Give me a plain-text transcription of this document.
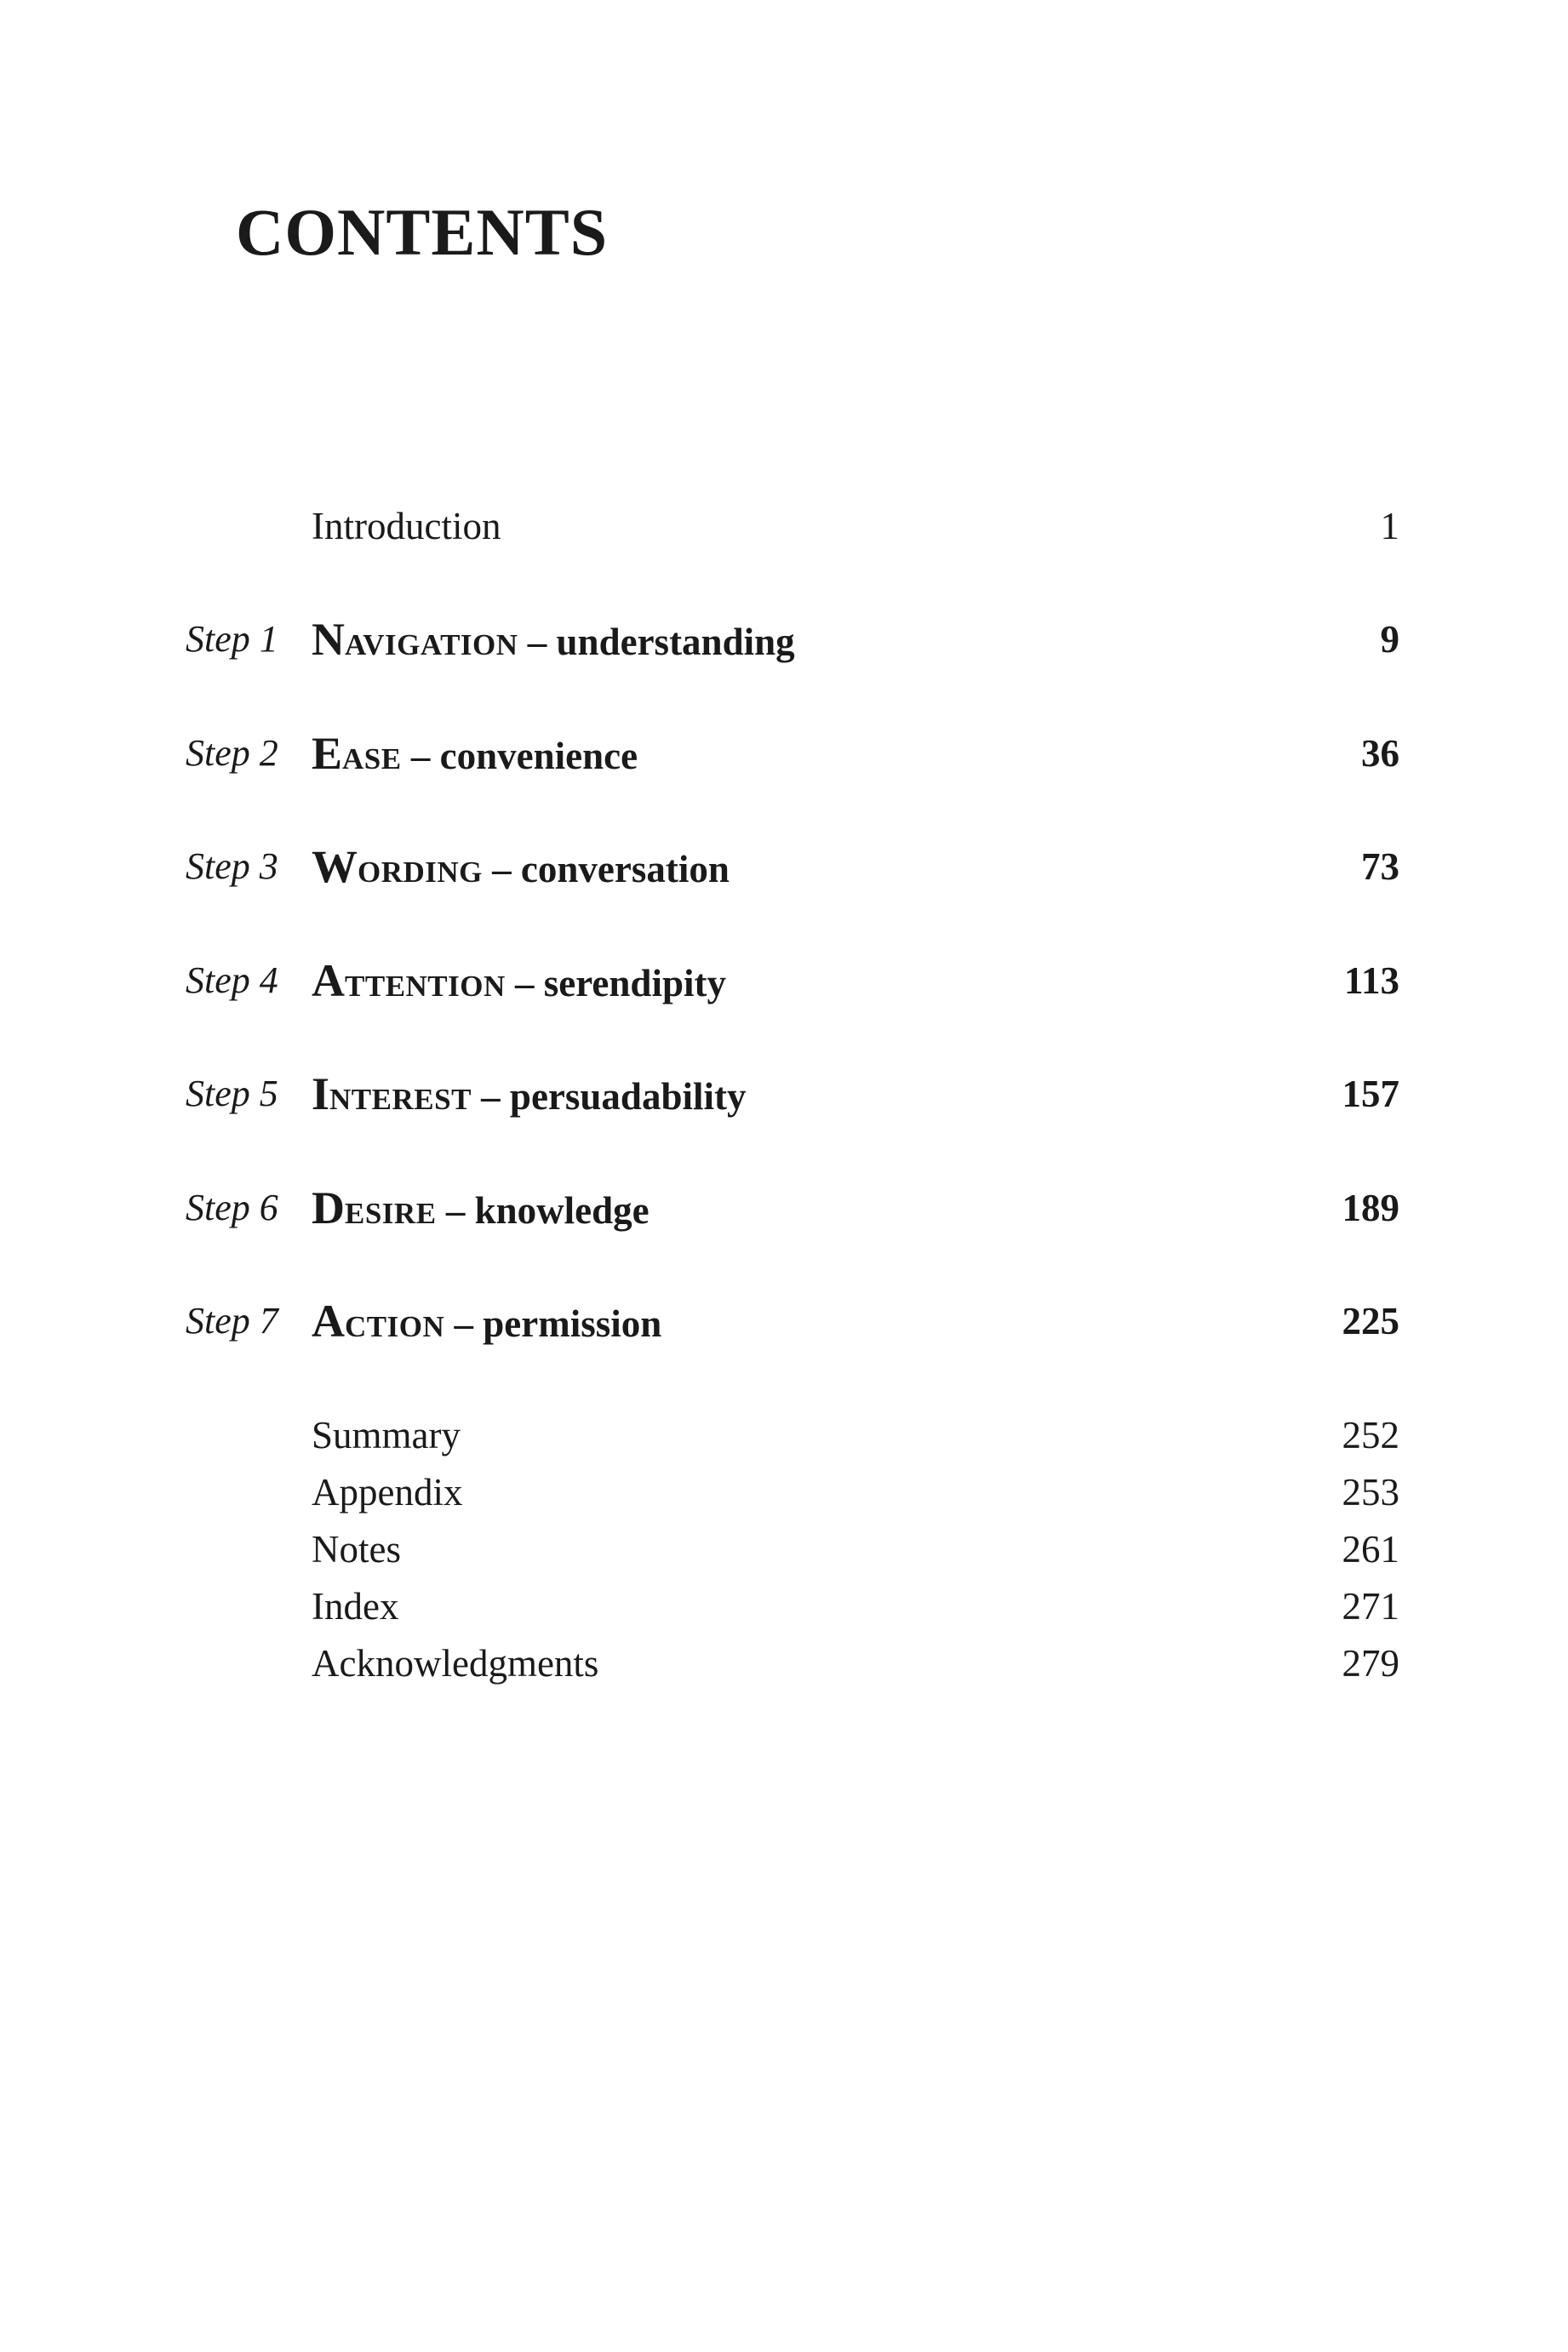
CONTENTS
Introduction	1
Step 1 NAVIGATION – understanding	9
Step 2 EASE – convenience	36
Step 3 WORDING – conversation	73
Step 4 ATTENTION – serendipity	113
Step 5 INTEREST – persuadability	157
Step 6 DESIRE – knowledge	189
Step 7 ACTION – permission	225
Summary	252
Appendix	253
Notes	261
Index	271
Acknowledgments	279
